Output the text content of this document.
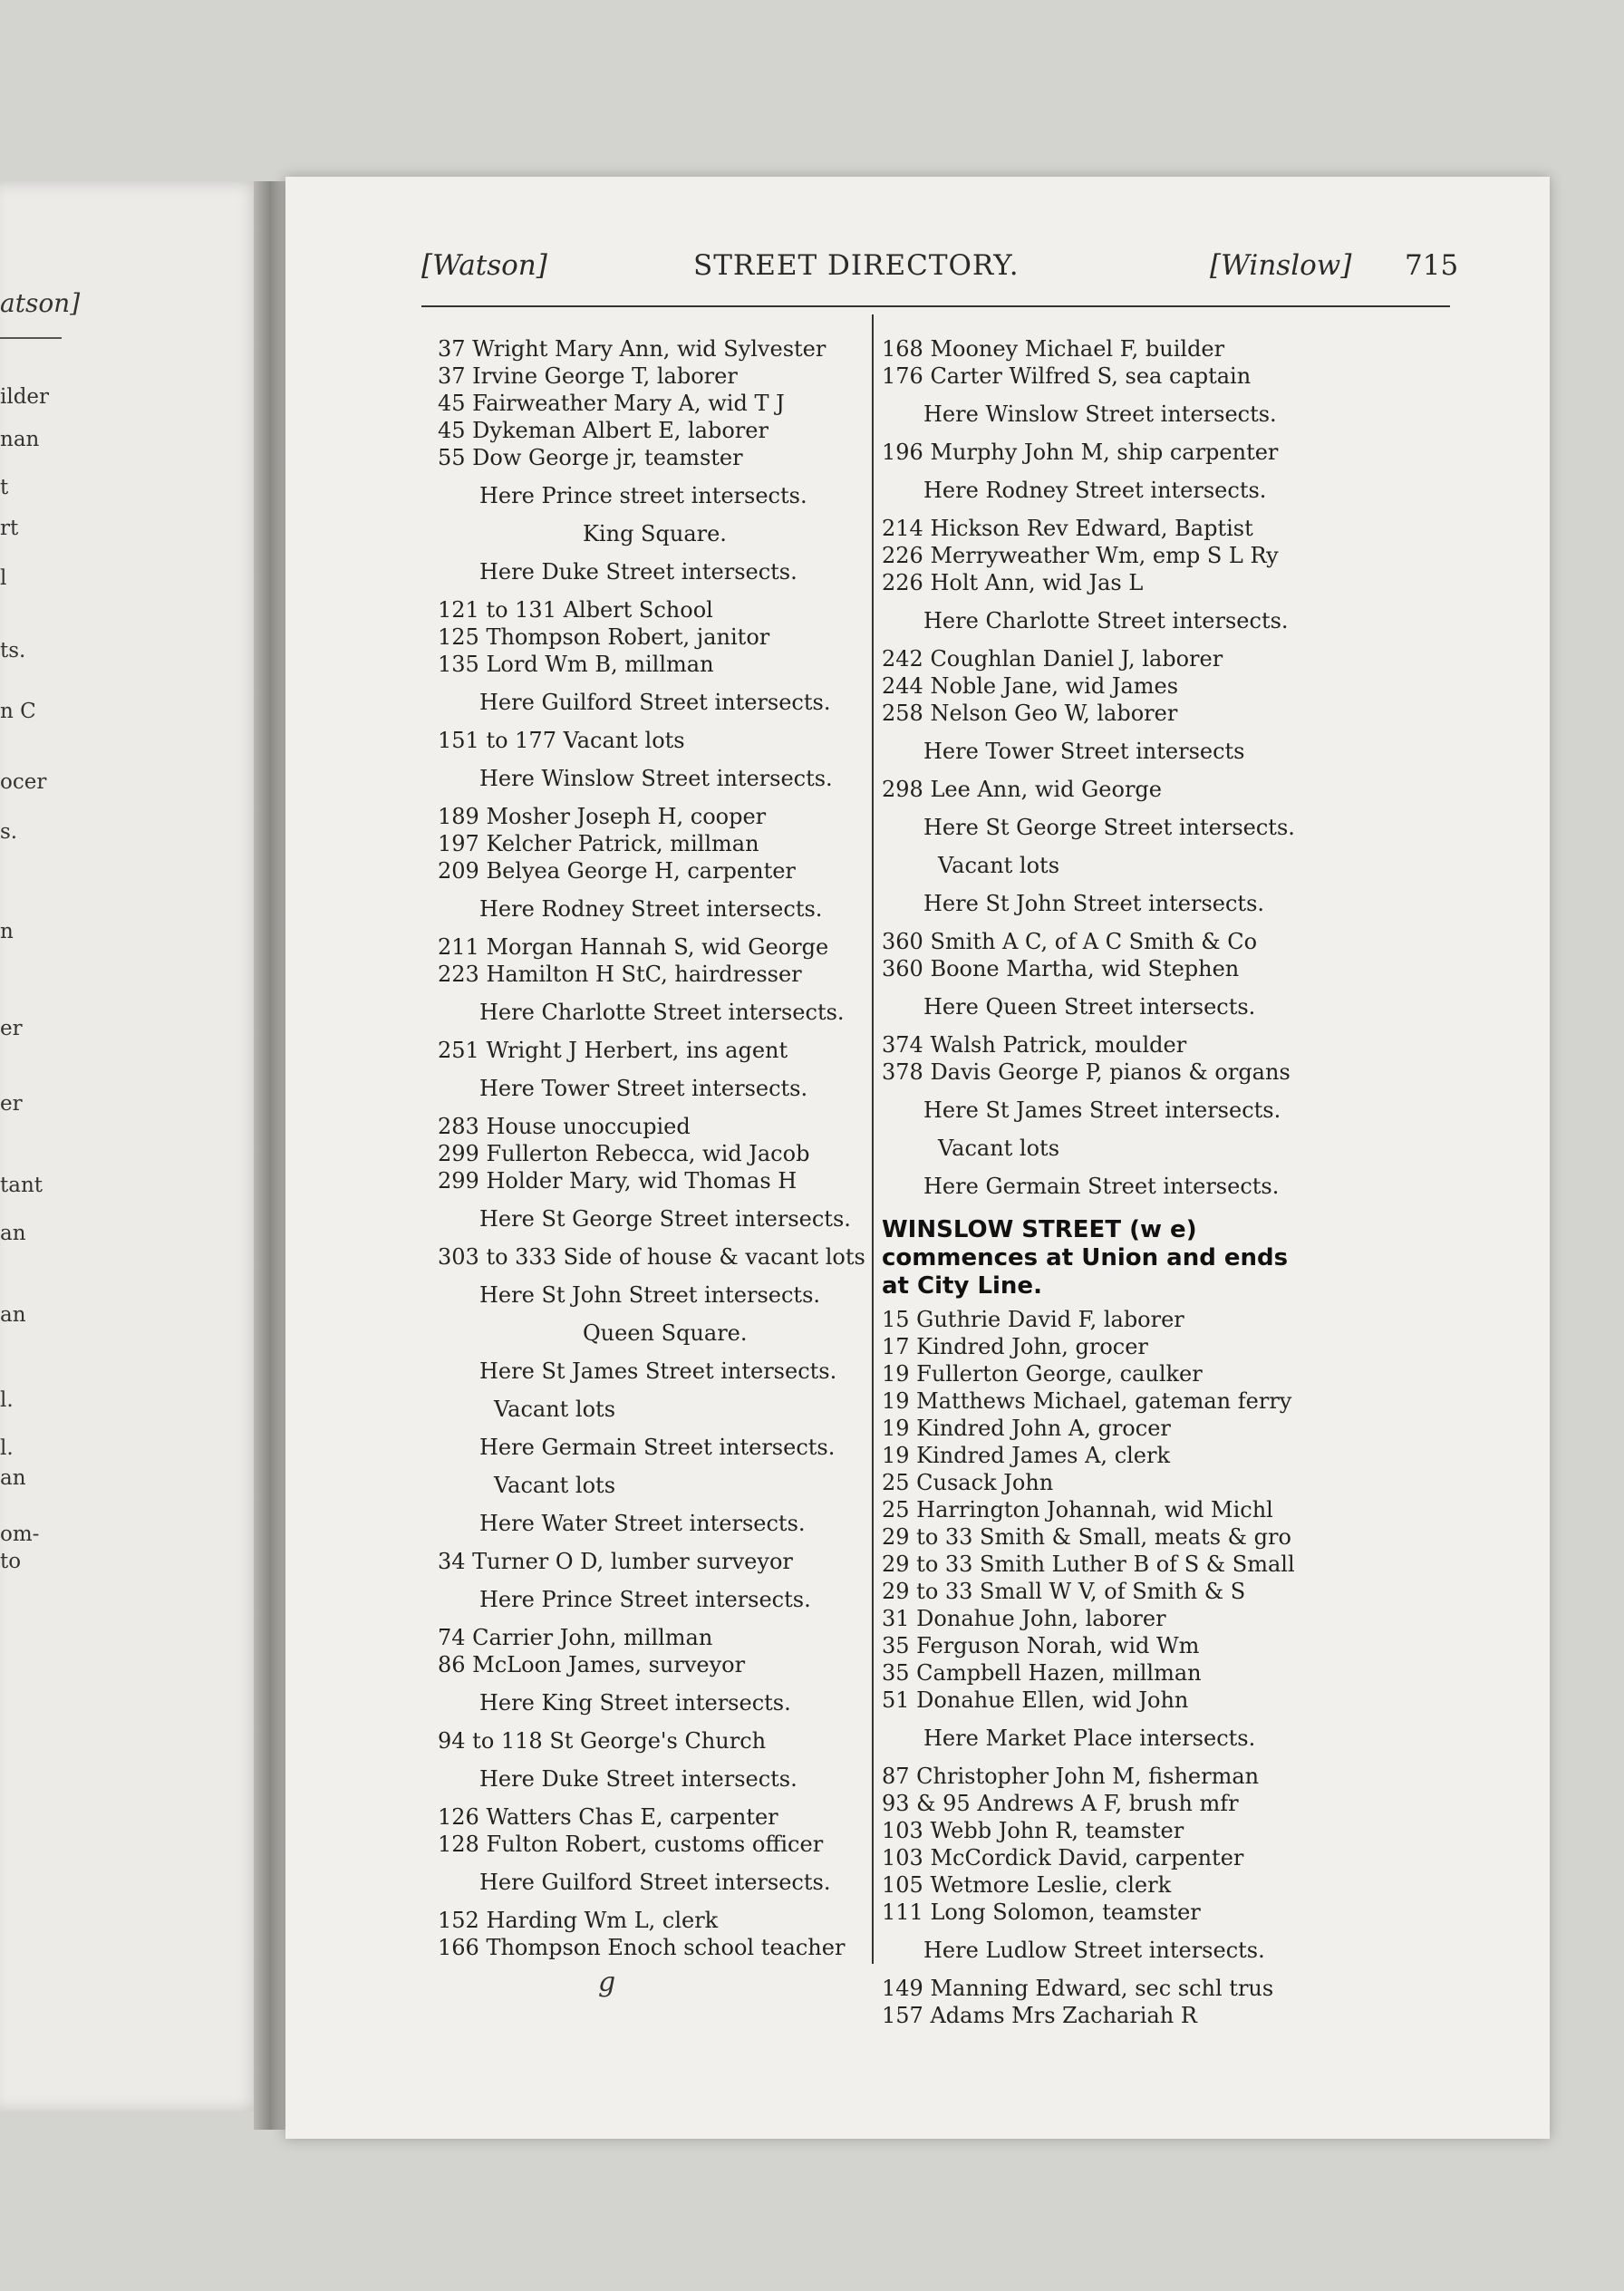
atson]
ilder
nan
t
rt
l
ts.
n C
ocer
s.
n
er
er
tant
an
an
l.
l.
an
om-
to
[Watson]	STREET DIRECTORY.	[Winslow] 715
37 Wright Mary Ann, wid Sylvester
37 Irvine George T, laborer
45 Fairweather Mary A, wid T J
45 Dykeman Albert E, laborer
55 Dow George jr, teamster
Here Prince street intersects.
King Square.
Here Duke Street intersects.
121 to 131 Albert School
125 Thompson Robert, janitor
135 Lord Wm B, millman
Here Guilford Street intersects.
151 to 177 Vacant lots
Here Winslow Street intersects.
189 Mosher Joseph H, cooper
197 Kelcher Patrick, millman
209 Belyea George H, carpenter
Here Rodney Street intersects.
211 Morgan Hannah S, wid George
223 Hamilton H StC, hairdresser
Here Charlotte Street intersects.
251 Wright J Herbert, ins agent
Here Tower Street intersects.
283 House unoccupied
299 Fullerton Rebecca, wid Jacob
299 Holder Mary, wid Thomas H
Here St George Street intersects.
303 to 333 Side of house & vacant lots
Here St John Street intersects.
Queen Square.
Here St James Street intersects.
Vacant lots
Here Germain Street intersects.
Vacant lots
Here Water Street intersects.
34 Turner O D, lumber surveyor
Here Prince Street intersects.
74 Carrier John, millman
86 McLoon James, surveyor
Here King Street intersects.
94 to 118 St George's Church
Here Duke Street intersects.
126 Watters Chas E, carpenter
128 Fulton Robert, customs officer
Here Guilford Street intersects.
152 Harding Wm L, clerk
166 Thompson Enoch school teacher
168 Mooney Michael F, builder
176 Carter Wilfred S, sea captain
Here Winslow Street intersects.
196 Murphy John M, ship carpenter
Here Rodney Street intersects.
214 Hickson Rev Edward, Baptist
226 Merryweather Wm, emp S L Ry
226 Holt Ann, wid Jas L
Here Charlotte Street intersects.
242 Coughlan Daniel J, laborer
244 Noble Jane, wid James
258 Nelson Geo W, laborer
Here Tower Street intersects
298 Lee Ann, wid George
Here St George Street intersects.
Vacant lots
Here St John Street intersects.
360 Smith A C, of A C Smith & Co
360 Boone Martha, wid Stephen
Here Queen Street intersects.
374 Walsh Patrick, moulder
378 Davis George P, pianos & organs
Here St James Street intersects.
Vacant lots
Here Germain Street intersects.
WINSLOW STREET (w e) commences at Union and ends at City Line.
15 Guthrie David F, laborer
17 Kindred John, grocer
19 Fullerton George, caulker
19 Matthews Michael, gateman ferry
19 Kindred John A, grocer
19 Kindred James A, clerk
25 Cusack John
25 Harrington Johannah, wid Michl
29 to 33 Smith & Small, meats & gro
29 to 33 Smith Luther B of S & Small
29 to 33 Small W V, of Smith & S
31 Donahue John, laborer
35 Ferguson Norah, wid Wm
35 Campbell Hazen, millman
51 Donahue Ellen, wid John
Here Market Place intersects.
87 Christopher John M, fisherman
93 & 95 Andrews A F, brush mfr
103 Webb John R, teamster
103 McCordick David, carpenter
105 Wetmore Leslie, clerk
111 Long Solomon, teamster
Here Ludlow Street intersects.
149 Manning Edward, sec schl trus
157 Adams Mrs Zachariah R
g
